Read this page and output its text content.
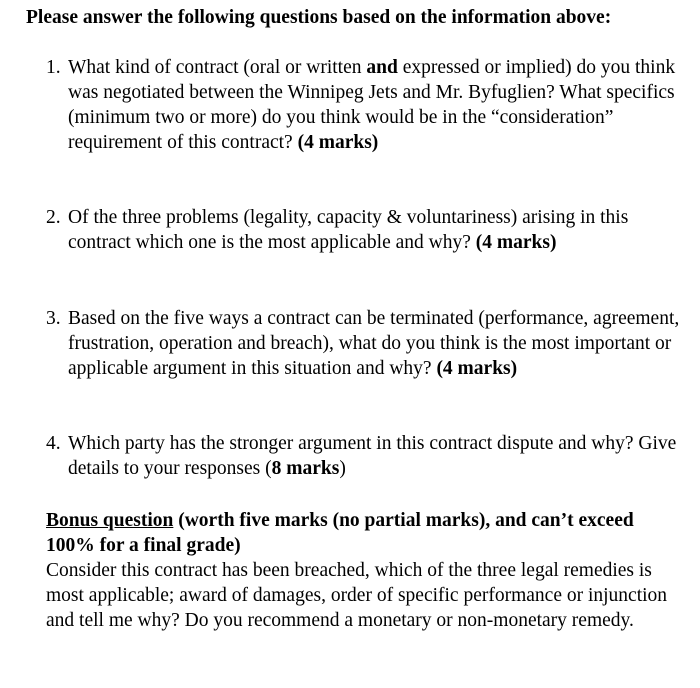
Please answer the following questions based on the information above:
1. What kind of contract (oral or written and expressed or implied) do you think was negotiated between the Winnipeg Jets and Mr. Byfuglien? What specifics (minimum two or more) do you think would be in the “consideration” requirement of this contract? (4 marks)
2. Of the three problems (legality, capacity & voluntariness) arising in this contract which one is the most applicable and why? (4 marks)
3. Based on the five ways a contract can be terminated (performance, agreement, frustration, operation and breach), what do you think is the most important or applicable argument in this situation and why? (4 marks)
4. Which party has the stronger argument in this contract dispute and why? Give details to your responses (8 marks)
Bonus question (worth five marks (no partial marks), and can’t exceed 100% for a final grade)
Consider this contract has been breached, which of the three legal remedies is most applicable; award of damages, order of specific performance or injunction and tell me why? Do you recommend a monetary or non-monetary remedy.
